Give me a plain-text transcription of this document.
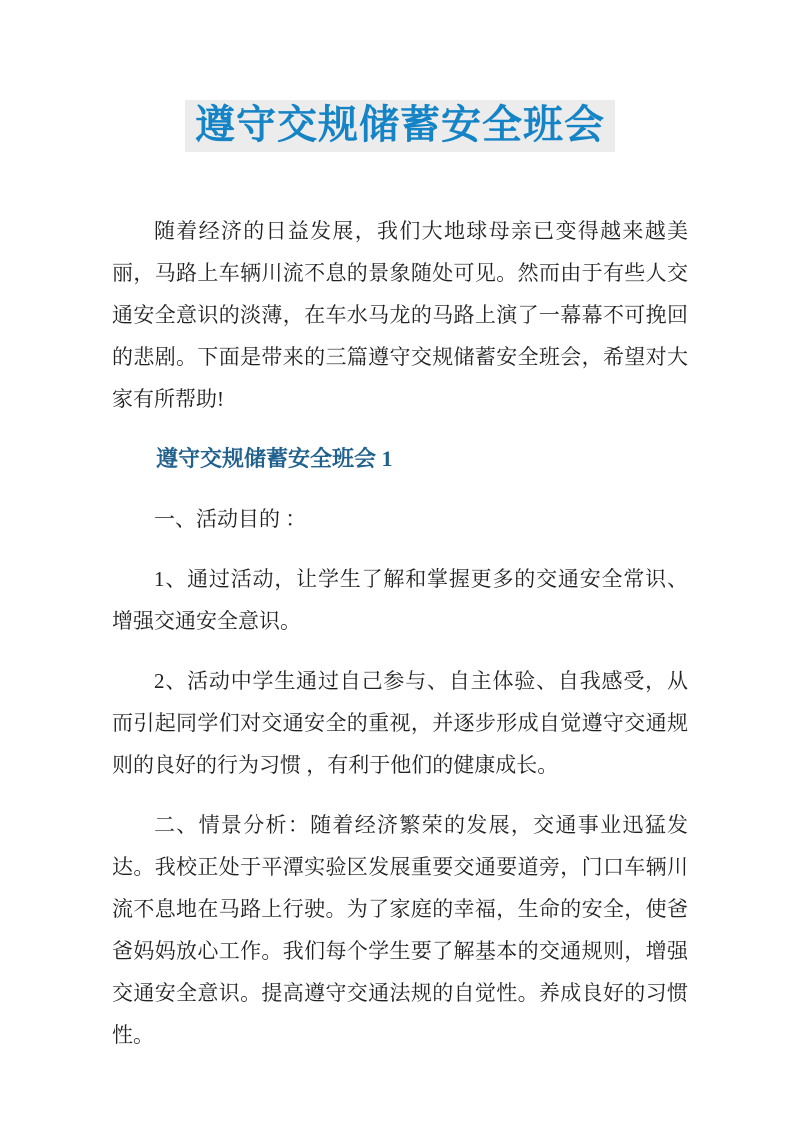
遵守交规储蓄安全班会

随着经济的日益发展，我们大地球母亲已变得越来越美丽，马路上车辆川流不息的景象随处可见。然而由于有些人交通安全意识的淡薄，在车水马龙的马路上演了一幕幕不可挽回的悲剧。下面是带来的三篇遵守交规储蓄安全班会，希望对大家有所帮助!

遵守交规储蓄安全班会 1

一、活动目的 ：

1、通过活动，让学生了解和掌握更多的交通安全常识、增强交通安全意识。

2、活动中学生通过自己参与、自主体验、自我感受，从而引起同学们对交通安全的重视，并逐步形成自觉遵守交通规则的良好的行为习惯 ，有利于他们的健康成长。

二、情景分析：随着经济繁荣的发展，交通事业迅猛发达。我校正处于平潭实验区发展重要交通要道旁，门口车辆川流不息地在马路上行驶。为了家庭的幸福，生命的安全，使爸爸妈妈放心工作。我们每个学生要了解基本的交通规则，增强交通安全意识。提高遵守交通法规的自觉性。养成良好的习惯性。
